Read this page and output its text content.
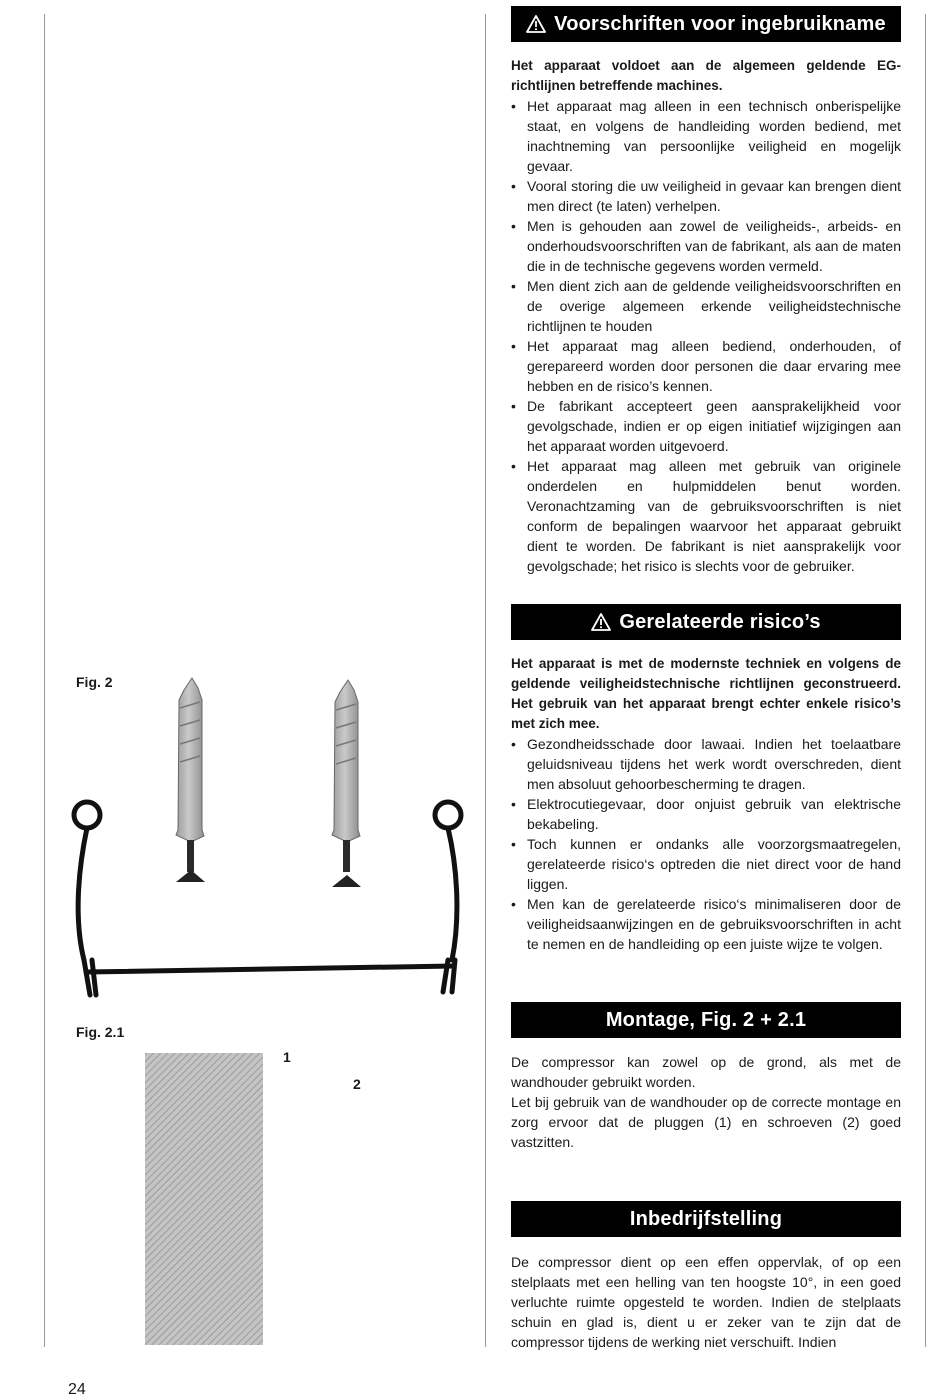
Voorschriften voor ingebruikname

Het apparaat voldoet aan de algemeen geldende EG-richtlijnen betreffende machines.

• Het apparaat mag alleen in een technisch onberispelijke staat, en volgens de handleiding worden bediend, met inachtneming van persoonlijke veiligheid en mogelijk gevaar.
• Vooral storing die uw veiligheid in gevaar kan brengen dient men direct (te laten) verhelpen.
• Men is gehouden aan zowel de veiligheids-, arbeids- en onderhoudsvoorschriften van de fabrikant, als aan de maten die in de technische gegevens worden vermeld.
• Men dient zich aan de geldende veiligheidsvoorschriften en de overige algemeen erkende veiligheidstechnische richtlijnen te houden
• Het apparaat mag alleen bediend, onderhouden, of gerepareerd worden door personen die daar ervaring mee hebben en de risico’s kennen.
• De fabrikant accepteert geen aansprakelijkheid voor gevolgschade, indien er op eigen initiatief wijzigingen aan het apparaat worden uitgevoerd.
• Het apparaat mag alleen met gebruik van originele onderdelen en hulpmiddelen benut worden. Veronachtzaming van de gebruiksvoorschriften is niet conform de bepalingen waarvoor het apparaat gebruikt dient te worden. De fabrikant is niet aansprakelijk voor gevolgschade; het risico is slechts voor de gebruiker.
Gerelateerde risico’s

Het apparaat is met de modernste techniek en volgens de geldende veiligheidstechnische richtlijnen geconstrueerd. Het gebruik van het apparaat brengt echter enkele risico’s met zich mee.

• Gezondheidsschade door lawaai. Indien het toelaatbare geluidsniveau tijdens het werk wordt overschreden, dient men absoluut gehoorbescherming te dragen.
• Elektrocutiegevaar, door onjuist gebruik van elektrische bekabeling.
• Toch kunnen er ondanks alle voorzorgsmaatregelen, gerelateerde risico‘s optreden die niet direct voor de hand liggen.
• Men kan de gerelateerde risico‘s minimaliseren door de veiligheidsaanwijzingen en de gebruiksvoorschriften in acht te nemen en de handleiding op een juiste wijze te volgen.
Montage, Fig. 2 + 2.1

De compressor kan zowel op de grond, als met de wandhouder gebruikt worden.

Let bij gebruik van de wandhouder op de correcte montage en zorg ervoor dat de pluggen (1) en schroeven (2) goed vastzitten.

Inbedrijfstelling

De compressor dient op een effen oppervlak, of op een stelplaats met een helling van ten hoogste 10°, in een goed verluchte ruimte opgesteld te worden. Indien de stelplaats schuin en glad is, dient u er zeker van te zijn dat de compressor tijdens de werking niet verschuift. Indien

Fig. 2
Fig. 2.1
1
2
24
